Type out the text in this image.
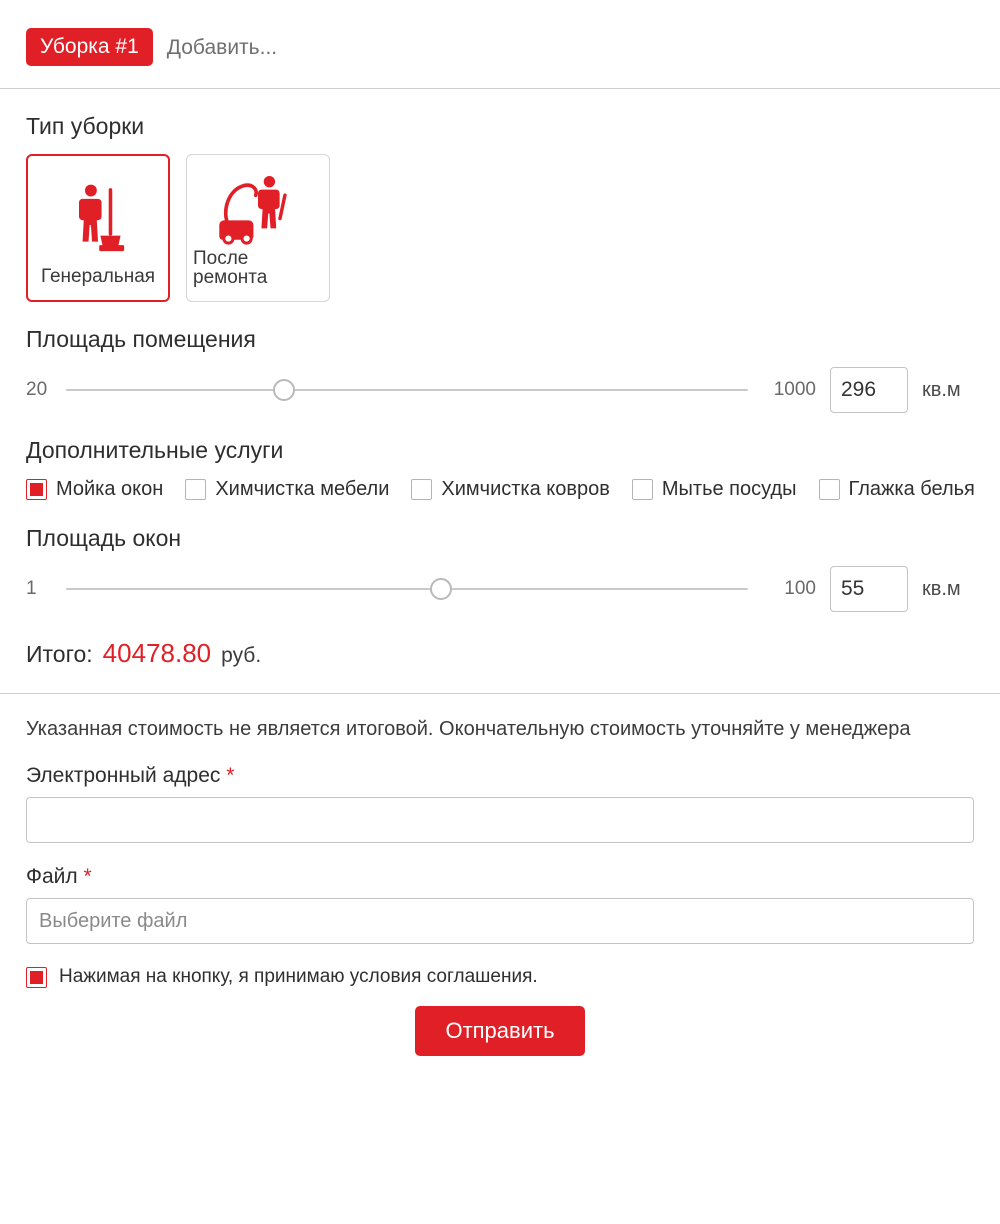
Уборка #1	Добавить...
Тип уборки
Генеральная
После ремонта
Площадь помещения
20	1000
296	кв.м
Дополнительные услуги
Мойка окон	Химчистка мебели	Химчистка ковров	Мытье посуды	Глажка белья
Площадь окон
1	100
55	кв.м
Итого: 40478.80 руб.
Указанная стоимость не является итоговой. Окончательную стоимость уточняйте у менеджера
Электронный адрес *
Файл *
Выберите файл
Нажимая на кнопку, я принимаю условия соглашения.
Отправить
